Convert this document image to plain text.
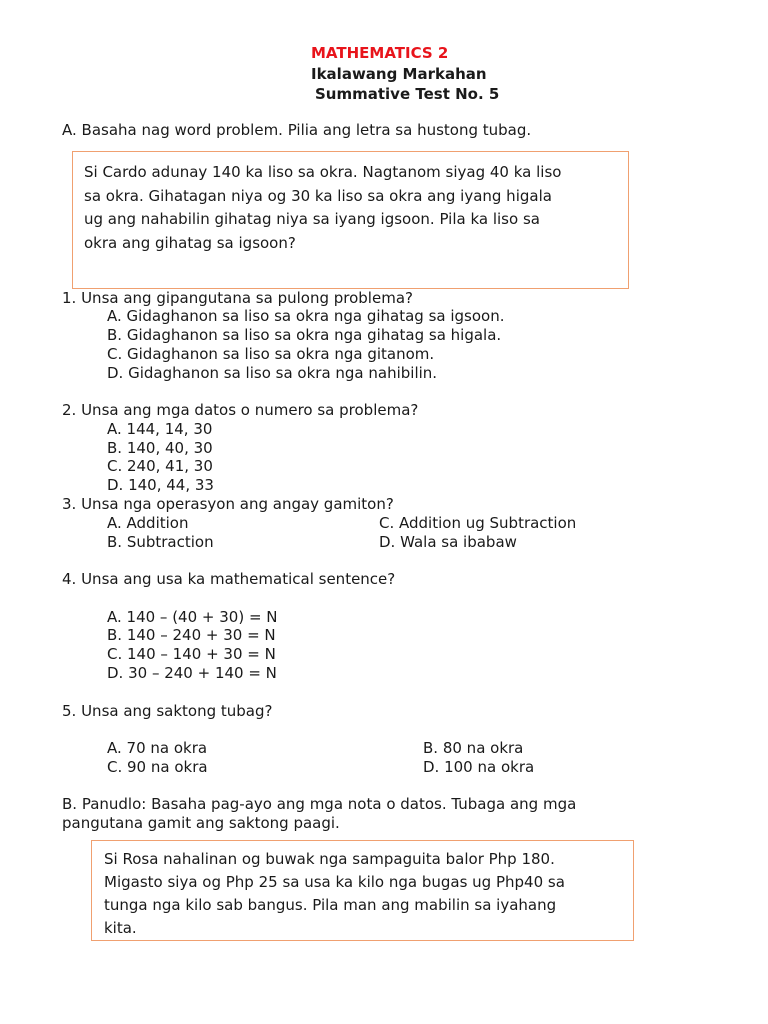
MATHEMATICS 2
Ikalawang Markahan
Summative Test No. 5
A. Basaha nag word problem. Pilia ang letra sa hustong tubag.
Si Cardo adunay 140 ka liso sa okra. Nagtanom siyag 40 ka liso
sa okra. Gihatagan niya og 30 ka liso sa okra ang iyang higala
ug ang nahabilin gihatag niya sa iyang igsoon. Pila ka liso sa
okra ang gihatag sa igsoon?
1. Unsa ang gipangutana sa pulong problema?
A. Gidaghanon sa liso sa okra nga gihatag sa igsoon.
B. Gidaghanon sa liso sa okra nga gihatag sa higala.
C. Gidaghanon sa liso sa okra nga gitanom.
D. Gidaghanon sa liso sa okra nga nahibilin.
2. Unsa ang mga datos o numero sa problema?
A. 144, 14, 30
B. 140, 40, 30
C. 240, 41, 30
D. 140, 44, 33
3. Unsa nga operasyon ang angay gamiton?
A. Addition	C. Addition ug Subtraction
B. Subtraction	D. Wala sa ibabaw
4. Unsa ang usa ka mathematical sentence?
A. 140 – (40 + 30) = N
B. 140 – 240 + 30 = N
C. 140 – 140 + 30 = N
D. 30 – 240 + 140 = N
5. Unsa ang saktong tubag?
A. 70 na okra	B. 80 na okra
C. 90 na okra	D. 100 na okra
B. Panudlo: Basaha pag-ayo ang mga nota o datos. Tubaga ang mga
pangutana gamit ang saktong paagi.
Si Rosa nahalinan og buwak nga sampaguita balor Php 180.
Migasto siya og Php 25 sa usa ka kilo nga bugas ug Php40 sa
tunga nga kilo sab bangus. Pila man ang mabilin sa iyahang
kita.
